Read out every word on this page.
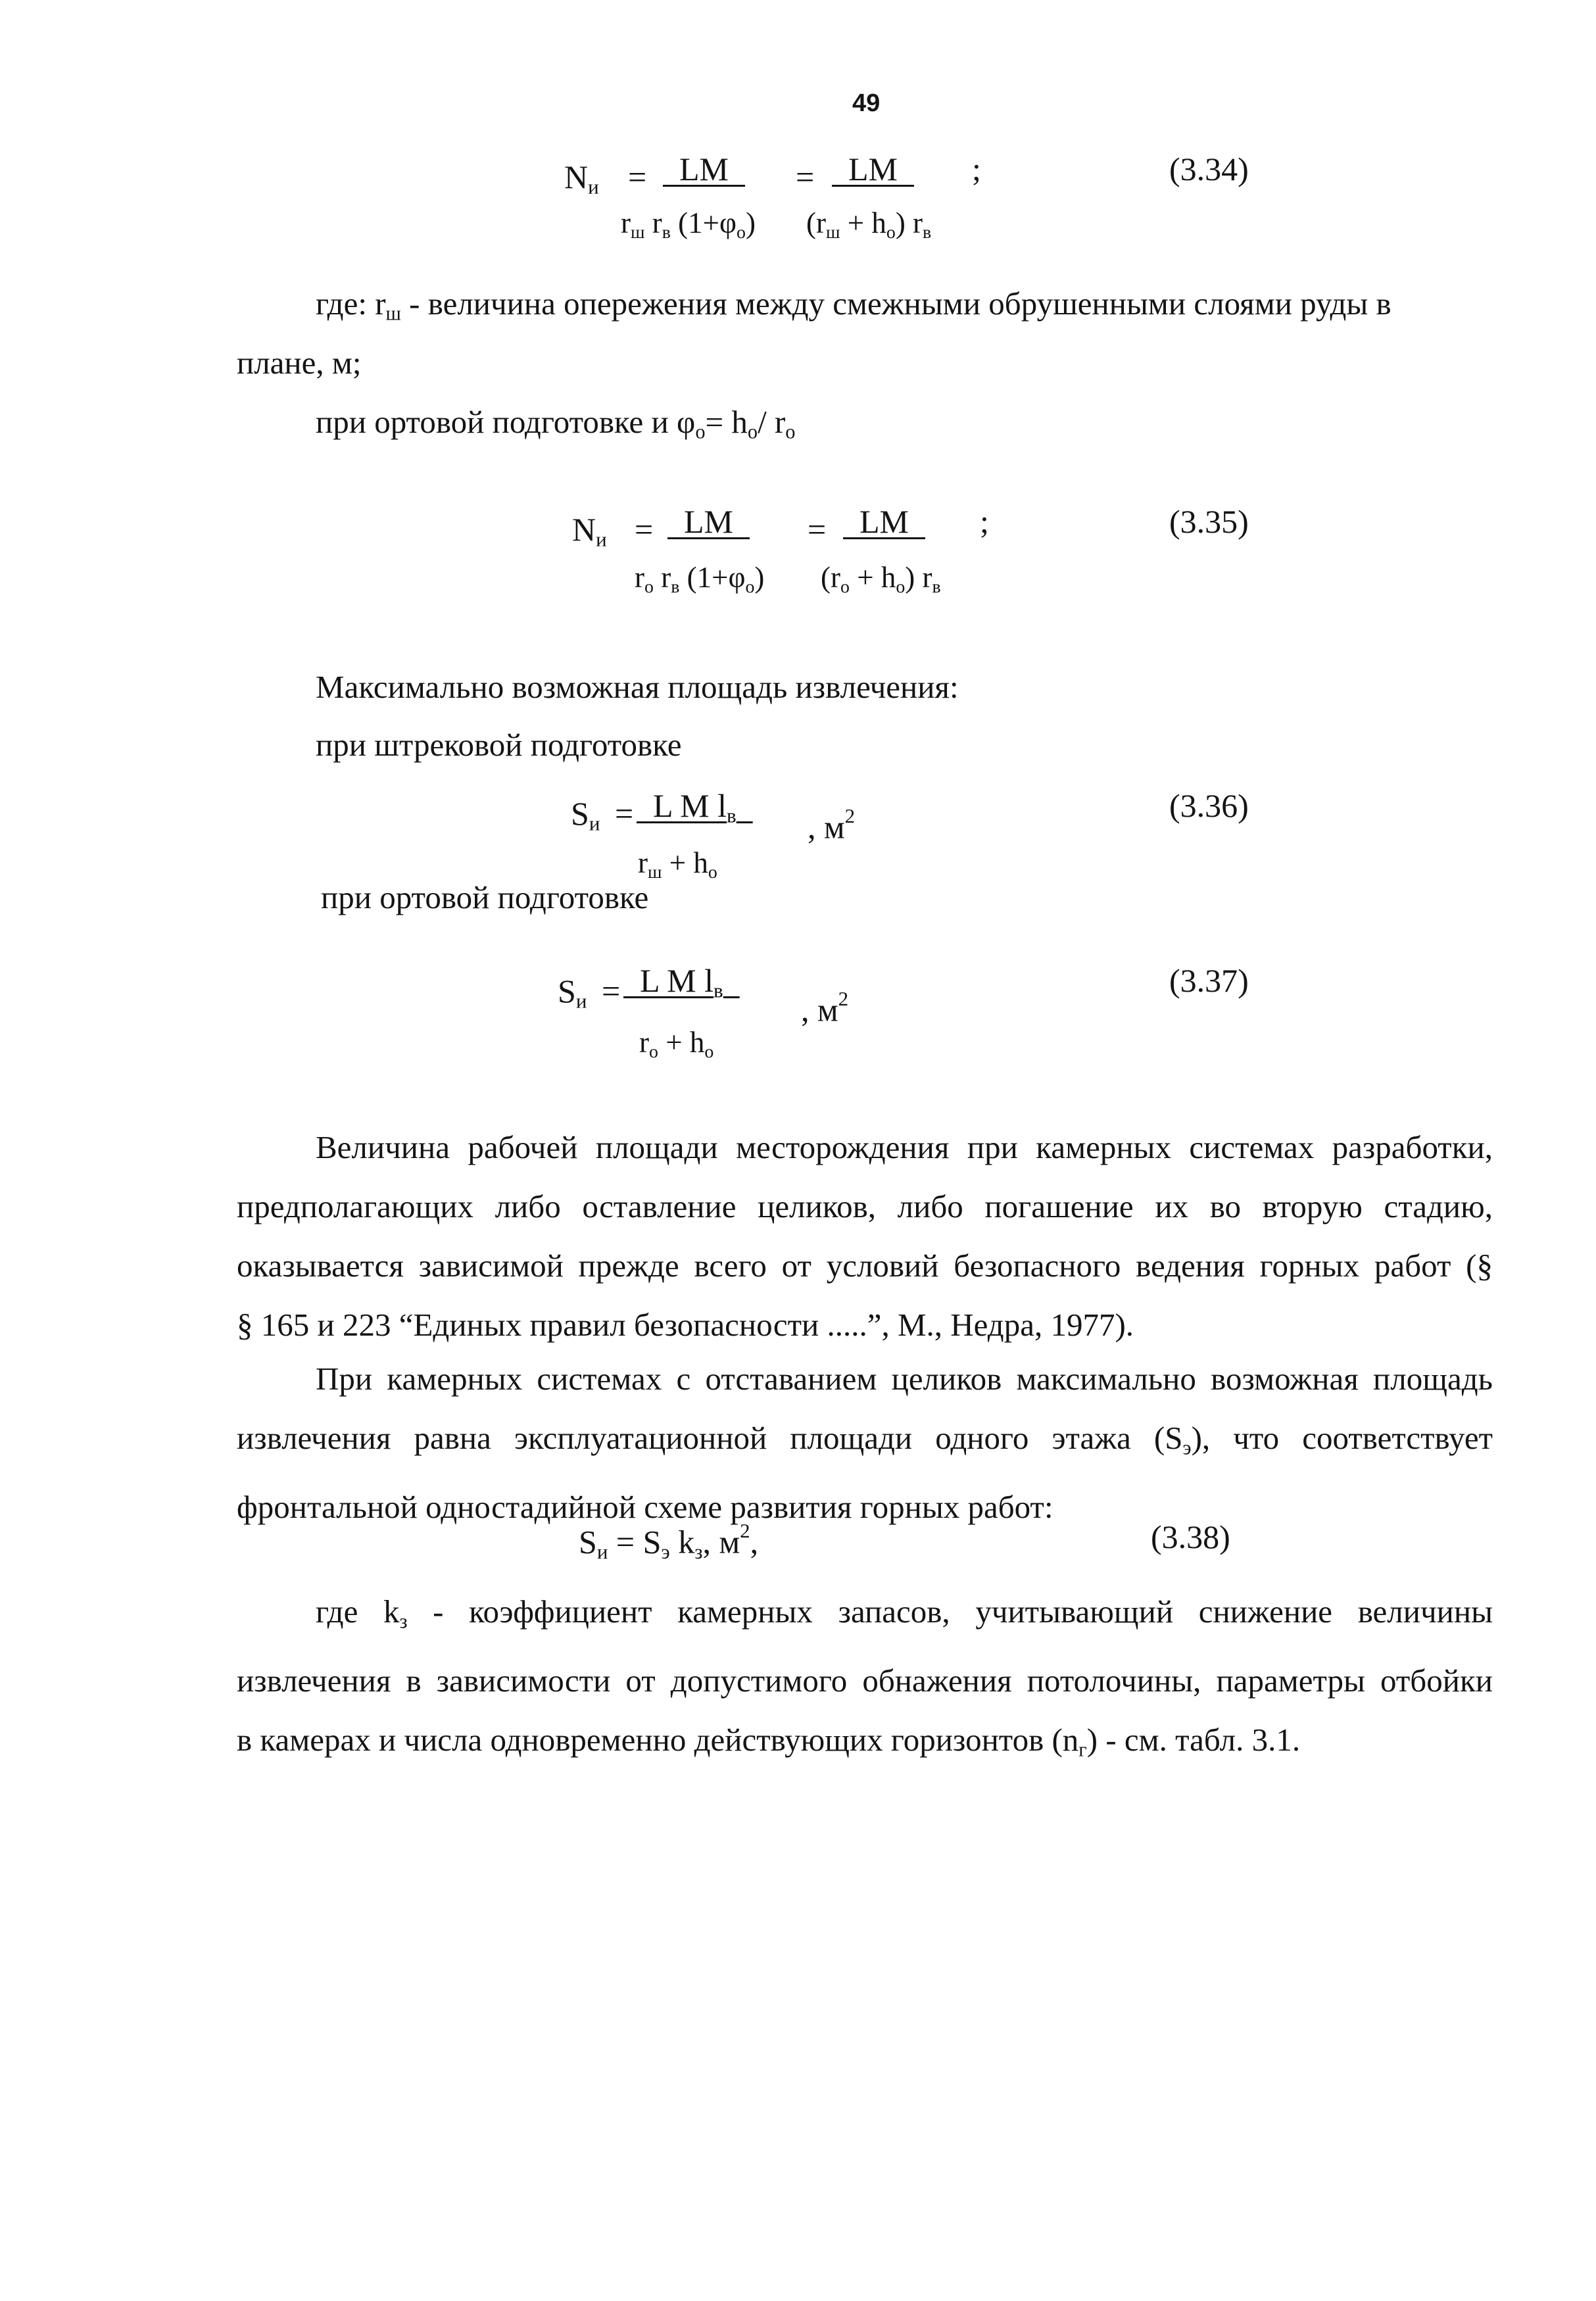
49
$N_и$ = LM	=	LM	;	(3.34)
$r_ш$ $r_в$ $(1+\varphi_о) (r_ш + h_о)$ $r_в$
где: $r_ш$ - величина опережения между смежными обрушенными слоями руды в
плане, м;
при ортовой подготовке и $\varphi_о= h_о/$ $r_о$
$N_и$ = LM	=	LM	;	(3.35)
$r_о$ $r_в$ $(1+\varphi_о) (r_о + h_о)$ $r_в$
Максимально возможная площадь извлечения:
при штрековой подготовке
$S_и = L$ M $l_в$	, $м^2$	(3.36)
$r_ш + h_о$
при ортовой подготовке
$S_и = L$ M $l_в$
, $м^2$	(3.37)
$r_о + h_о$
Величина рабочей площади месторождения при камерных системах разработки,
предполагающих либо оставление целиков, либо погашение их во вторую стадию,
оказывается зависимой прежде всего от условий безопасного ведения горных работ (§
§ 165 и 223 “Единых правил безопасности .....”, М., Недра, 1977).
При камерных системах с отставанием целиков максимально возможная площадь
извлечения равна эксплуатационной площади одного этажа $(S_э)$, что соответствует
фронтальной одностадийной схеме развития горных работ:
$S_и = S_э$ $k_з$, $м^2$,	(3.38)
где $k_з$ - коэффициент камерных запасов, учитывающий снижение величины
извлечения в зависимости от допустимого обнажения потолочины, параметры отбойки
в камерах и числа одновременно действующих горизонтов $(n_г)$ - см. табл. 3.1.
